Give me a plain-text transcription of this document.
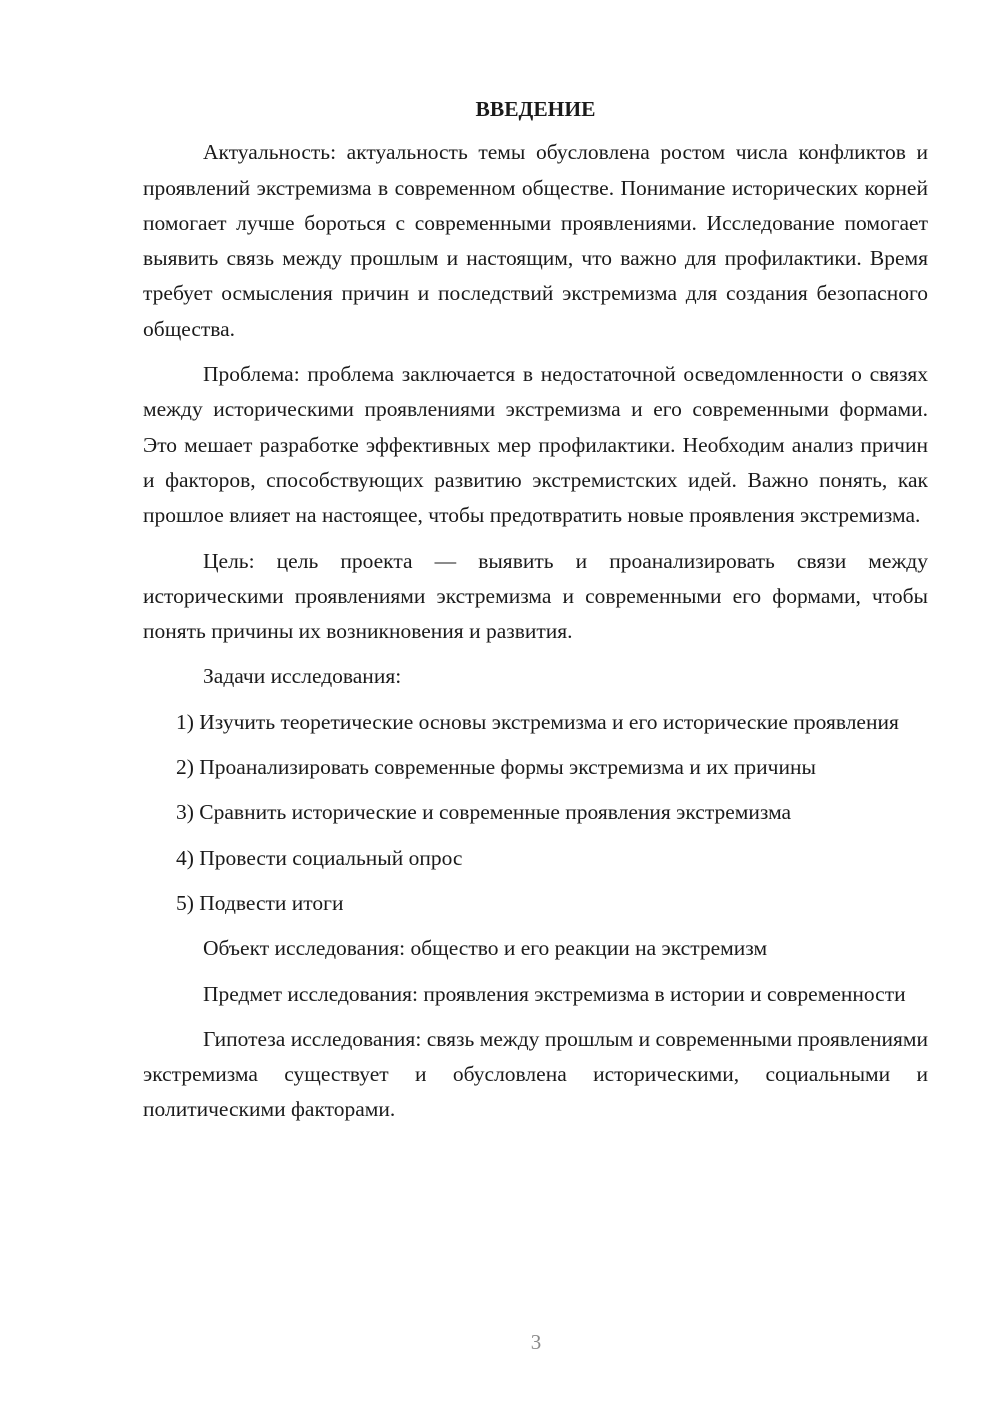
ВВЕДЕНИЕ

Актуальность: актуальность темы обусловлена ростом числа конфликтов и проявлений экстремизма в современном обществе. Понимание исторических корней помогает лучше бороться с современными проявлениями. Исследование помогает выявить связь между прошлым и настоящим, что важно для профилактики. Время требует осмысления причин и последствий экстремизма для создания безопасного общества.

Проблема: проблема заключается в недостаточной осведомленности о связях между историческими проявлениями экстремизма и его современными формами. Это мешает разработке эффективных мер профилактики. Необходим анализ причин и факторов, способствующих развитию экстремистских идей. Важно понять, как прошлое влияет на настоящее, чтобы предотвратить новые проявления экстремизма.

Цель: цель проекта — выявить и проанализировать связи между историческими проявлениями экстремизма и современными его формами, чтобы понять причины их возникновения и развития.

Задачи исследования:

1) Изучить теоретические основы экстремизма и его исторические проявления

2) Проанализировать современные формы экстремизма и их причины

3) Сравнить исторические и современные проявления экстремизма

4) Провести социальный опрос

5) Подвести итоги

Объект исследования: общество и его реакции на экстремизм

Предмет исследования: проявления экстремизма в истории и современности

Гипотеза исследования: связь между прошлым и современными проявлениями экстремизма существует и обусловлена историческими, социальными и политическими факторами.

3
